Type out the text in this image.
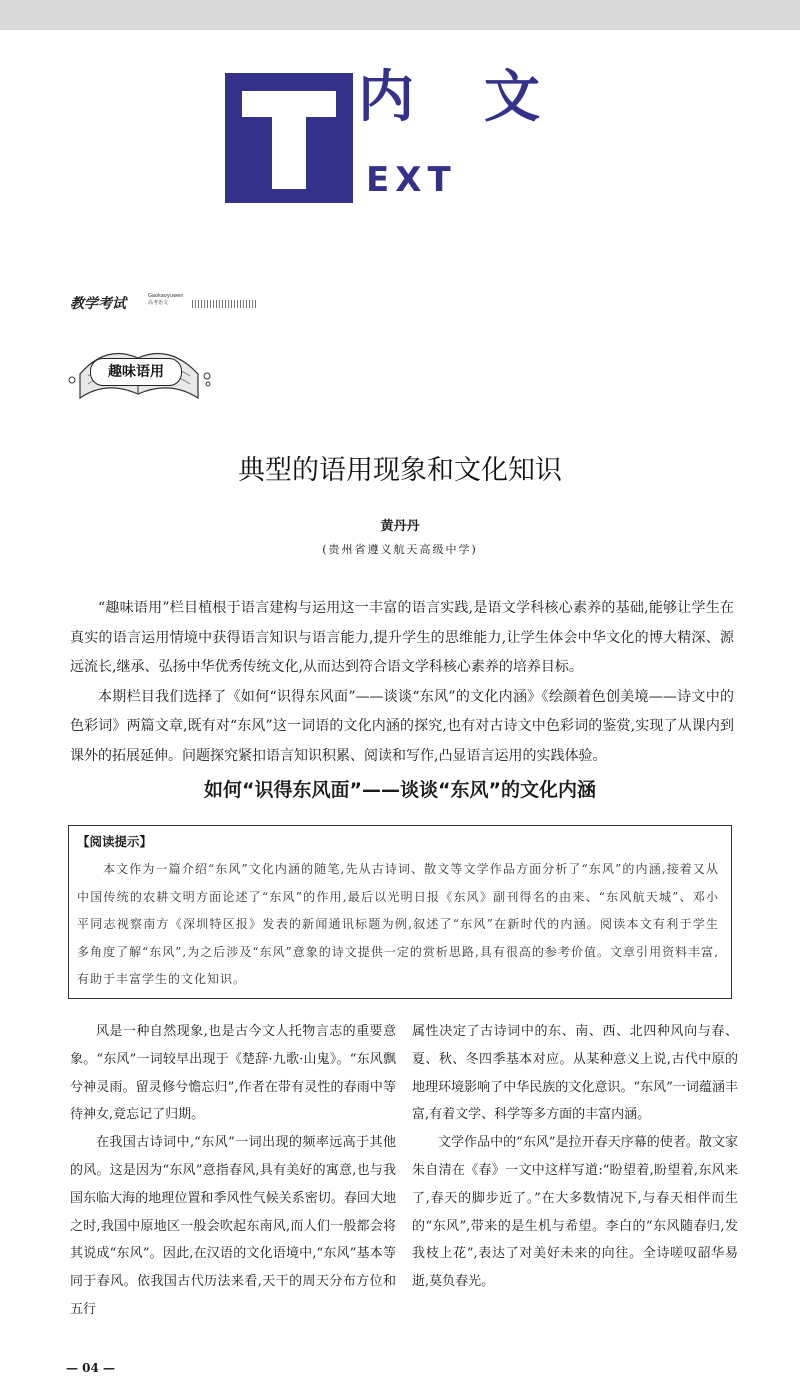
内文
EXT
教学考试	Gaokaoyuwen
高考语文
趣味语用
典型的语用现象和文化知识
黄丹丹
(贵州省遵义航天高级中学)

“趣味语用”栏目植根于语言建构与运用这一丰富的语言实践,是语文学科核心素养的基础,能够让学生在真实的语言运用情境中获得语言知识与语言能力,提升学生的思维能力,让学生体会中华文化的博大精深、源远流长,继承、弘扬中华优秀传统文化,从而达到符合语文学科核心素养的培养目标。

本期栏目我们选择了《如何“识得东风面”——谈谈“东风”的文化内涵》《绘颜着色创美境——诗文中的色彩词》两篇文章,既有对“东风”这一词语的文化内涵的探究,也有对古诗文中色彩词的鉴赏,实现了从课内到课外的拓展延伸。问题探究紧扣语言知识积累、阅读和写作,凸显语言运用的实践体验。

如何“识得东风面”——谈谈“东风”的文化内涵
【阅读提示】
本文作为一篇介绍“东风”文化内涵的随笔,先从古诗词、散文等文学作品方面分析了“东风”的内涵,接着又从中国传统的农耕文明方面论述了“东风”的作用,最后以光明日报《东风》副刊得名的由来、“东风航天城”、邓小平同志视察南方《深圳特区报》发表的新闻通讯标题为例,叙述了“东风”在新时代的内涵。阅读本文有利于学生多角度了解“东风”,为之后涉及“东风”意象的诗文提供一定的赏析思路,具有很高的参考价值。文章引用资料丰富,有助于丰富学生的文化知识。

风是一种自然现象,也是古今文人托物言志的重要意象。“东风”一词较早出现于《楚辞·九歌·山鬼》。“东风飘兮神灵雨。留灵修兮憺忘归”,作者在带有灵性的春雨中等待神女,竟忘记了归期。

在我国古诗词中,“东风”一词出现的频率远高于其他的风。这是因为“东风”意指春风,具有美好的寓意,也与我国东临大海的地理位置和季风性气候关系密切。春回大地之时,我国中原地区一般会吹起东南风,而人们一般都会将其说成“东风”。因此,在汉语的文化语境中,“东风”基本等同于春风。依我国古代历法来看,天干的周天分布方位和五行

属性决定了古诗词中的东、南、西、北四种风向与春、夏、秋、冬四季基本对应。从某种意义上说,古代中原的地理环境影响了中华民族的文化意识。“东风”一词蕴涵丰富,有着文学、科学等多方面的丰富内涵。

文学作品中的“东风”是拉开春天序幕的使者。散文家朱自清在《春》一文中这样写道:“盼望着,盼望着,东风来了,春天的脚步近了。”在大多数情况下,与春天相伴而生的“东风”,带来的是生机与希望。李白的“东风随春归,发我枝上花”,表达了对美好未来的向往。全诗嗟叹韶华易逝,莫负春光。

— 04 —
